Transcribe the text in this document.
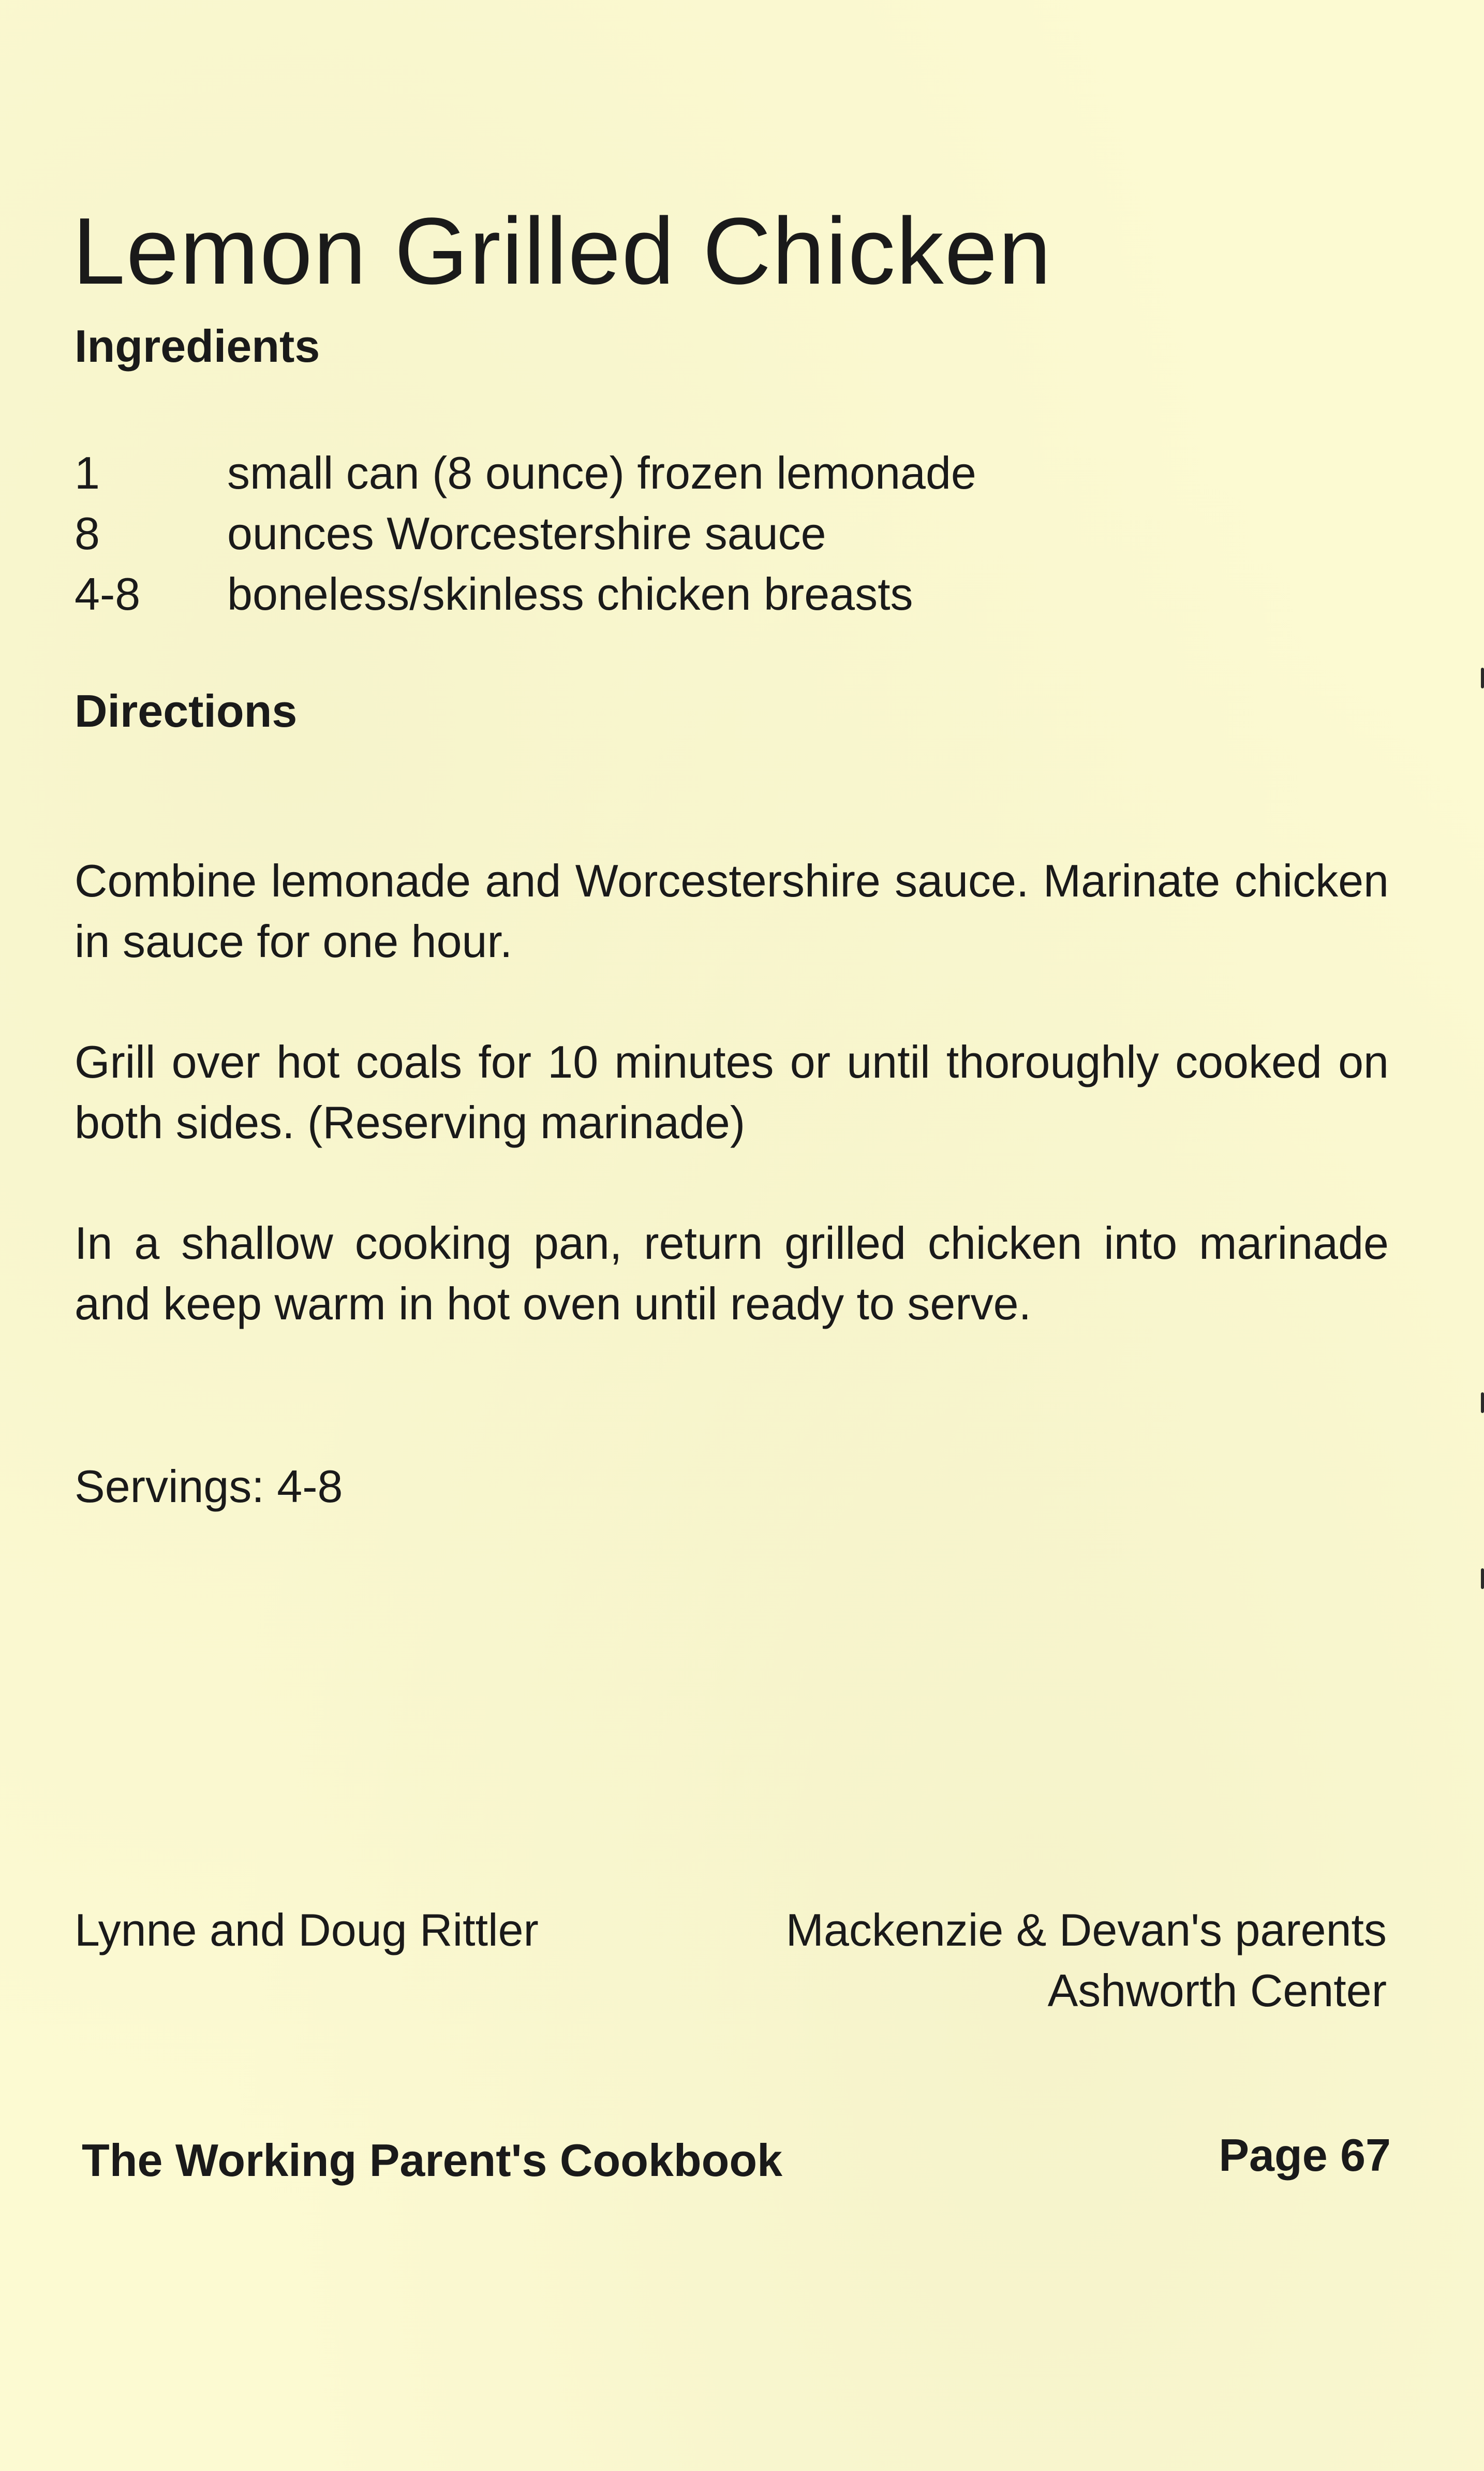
Lemon Grilled Chicken
Ingredients
1	small can (8 ounce) frozen lemonade
8	ounces Worcestershire sauce
4-8	boneless/skinless chicken breasts
Directions

Combine lemonade and Worcestershire sauce. Marinate chicken in sauce for one hour.

Grill over hot coals for 10 minutes or until thoroughly cooked on both sides. (Reserving marinade)

In a shallow cooking pan, return grilled chicken into marinade and keep warm in hot oven until ready to serve.

Servings: 4-8

Lynne and Doug Rittler	Mackenzie & Devan's parents
Ashworth Center
The Working Parent's Cookbook	Page 67
